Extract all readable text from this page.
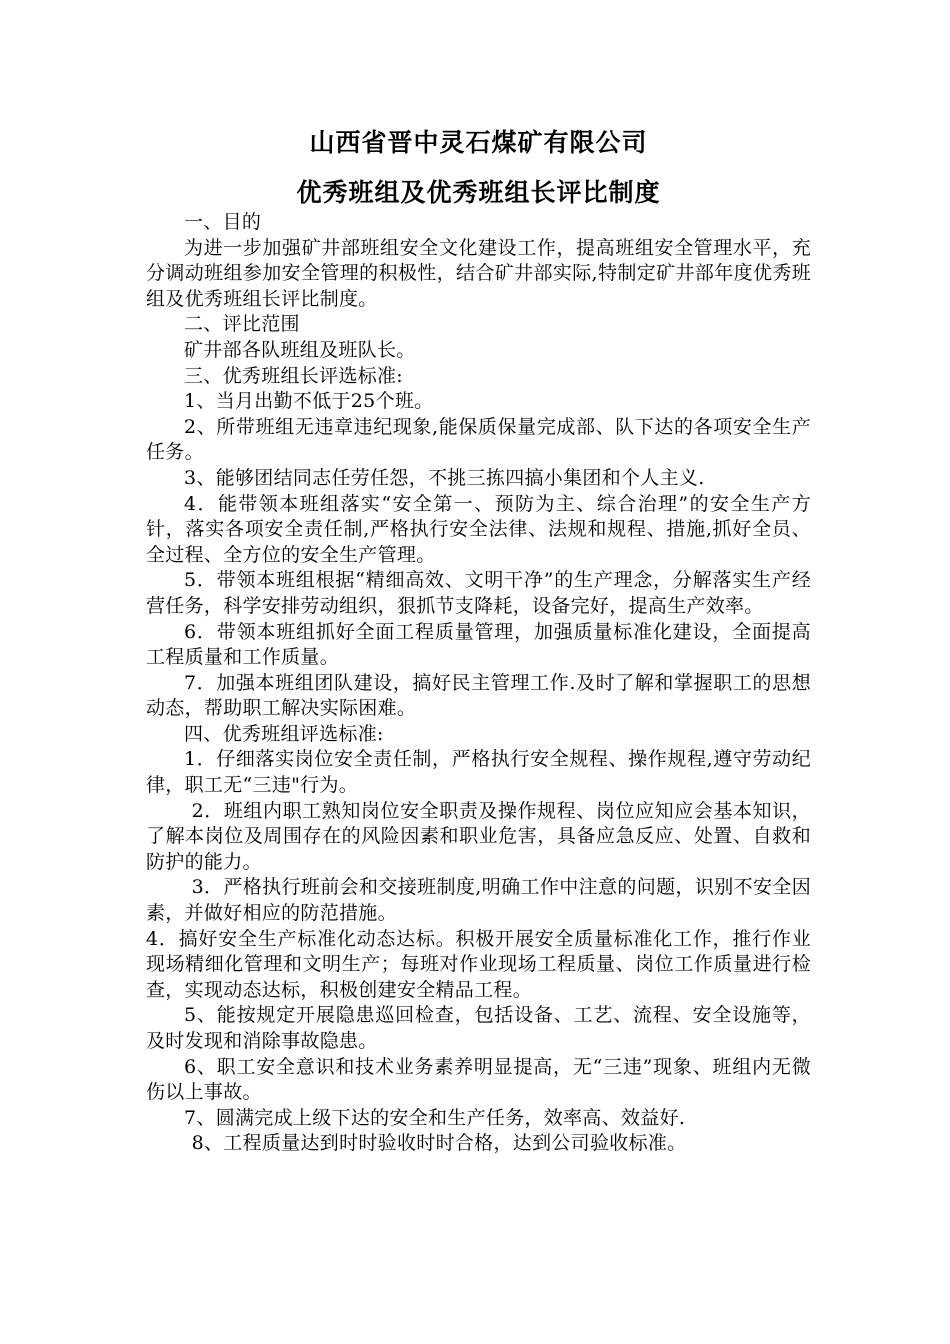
山西省晋中灵石煤矿有限公司
优秀班组及优秀班组长评比制度

一、目的

为进一步加强矿井部班组安全文化建设工作，提高班组安全管理水平，充分调动班组参加安全管理的积极性，结合矿井部实际,特制定矿井部年度优秀班组及优秀班组长评比制度。

二、评比范围

矿井部各队班组及班队长。

三、优秀班组长评选标准:

1、当月出勤不低于25个班。

2、所带班组无违章违纪现象,能保质保量完成部、队下达的各项安全生产任务。

3、能够团结同志任劳任怨，不挑三拣四搞小集团和个人主义.

4．能带领本班组落实“安全第一、预防为主、综合治理”的安全生产方针，落实各项安全责任制,严格执行安全法律、法规和规程、措施,抓好全员、全过程、全方位的安全生产管理。

5．带领本班组根据“精细高效、文明干净”的生产理念，分解落实生产经营任务，科学安排劳动组织，狠抓节支降耗，设备完好，提高生产效率。

6．带领本班组抓好全面工程质量管理，加强质量标准化建设，全面提高工程质量和工作质量。

7．加强本班组团队建设，搞好民主管理工作.及时了解和掌握职工的思想动态，帮助职工解决实际困难。

四、优秀班组评选标准:

1．仔细落实岗位安全责任制，严格执行安全规程、操作规程,遵守劳动纪律，职工无“三违"行为。

2．班组内职工熟知岗位安全职责及操作规程、岗位应知应会基本知识，了解本岗位及周围存在的风险因素和职业危害，具备应急反应、处置、自救和防护的能力。

3．严格执行班前会和交接班制度,明确工作中注意的问题，识别不安全因素，并做好相应的防范措施。

4．搞好安全生产标准化动态达标。积极开展安全质量标准化工作，推行作业现场精细化管理和文明生产；每班对作业现场工程质量、岗位工作质量进行检查，实现动态达标，积极创建安全精品工程。

5、能按规定开展隐患巡回检查，包括设备、工艺、流程、安全设施等，及时发现和消除事故隐患。

6、职工安全意识和技术业务素养明显提高，无“三违”现象、班组内无微伤以上事故。

7、圆满完成上级下达的安全和生产任务，效率高、效益好.

8、工程质量达到时时验收时时合格，达到公司验收标准。
